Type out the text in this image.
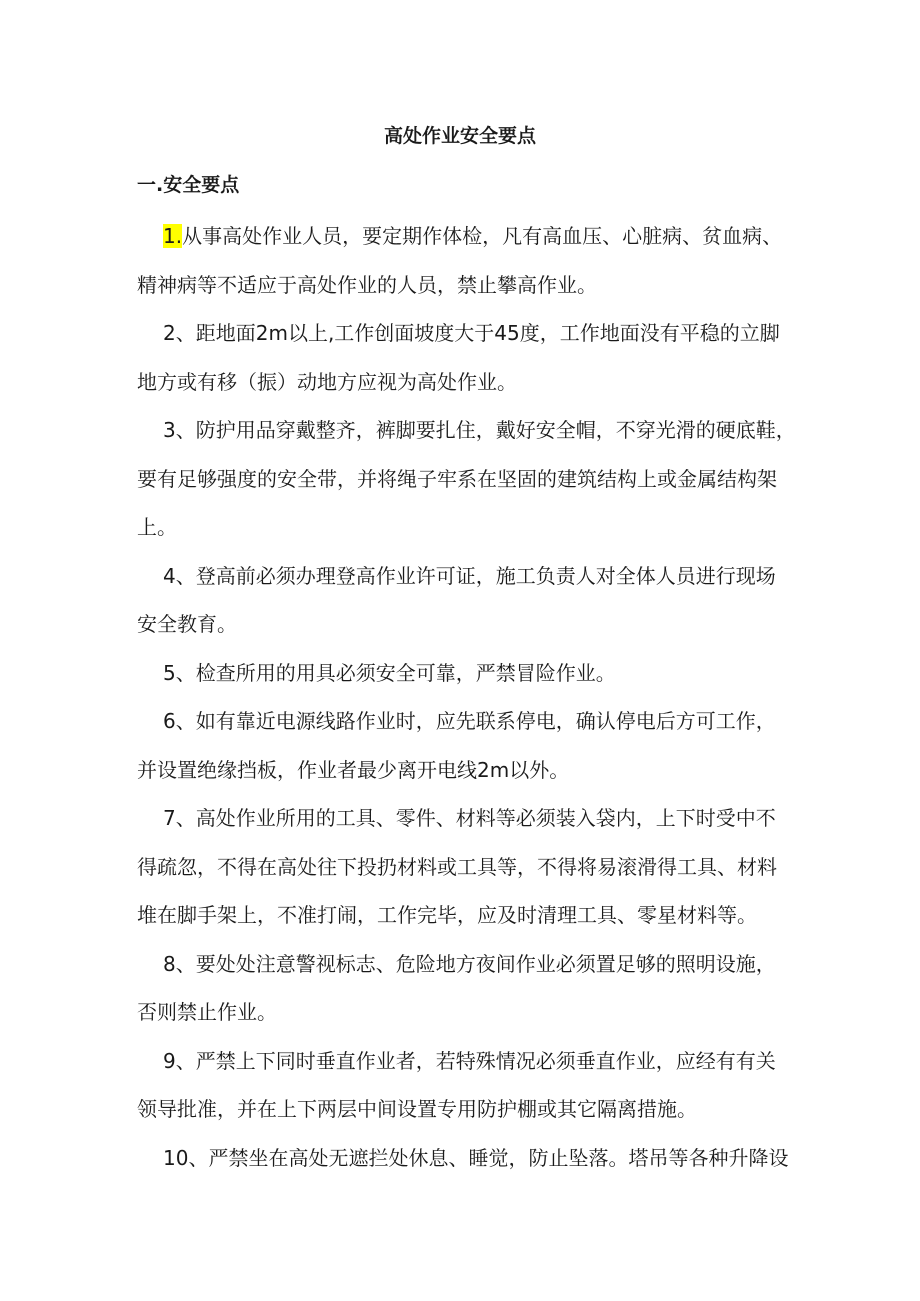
高处作业安全要点
一.安全要点
1.从事高处作业人员，要定期作体检，凡有高血压、心脏病、贫血病、
精神病等不适应于高处作业的人员，禁止攀高作业。
2、距地面2m以上,工作创面坡度大于45度，工作地面没有平稳的立脚
地方或有移（振）动地方应视为高处作业。
3、防护用品穿戴整齐，裤脚要扎住，戴好安全帽，不穿光滑的硬底鞋，
要有足够强度的安全带，并将绳子牢系在坚固的建筑结构上或金属结构架
上。
4、登高前必须办理登高作业许可证，施工负责人对全体人员进行现场
安全教育。
5、检查所用的用具必须安全可靠，严禁冒险作业。
6、如有靠近电源线路作业时，应先联系停电，确认停电后方可工作，
并设置绝缘挡板，作业者最少离开电线2m以外。
7、高处作业所用的工具、零件、材料等必须装入袋内，上下时受中不
得疏忽，不得在高处往下投扔材料或工具等，不得将易滚滑得工具、材料
堆在脚手架上，不准打闹，工作完毕，应及时清理工具、零星材料等。
8、要处处注意警视标志、危险地方夜间作业必须置足够的照明设施，
否则禁止作业。
9、严禁上下同时垂直作业者，若特殊情况必须垂直作业，应经有有关
领导批准，并在上下两层中间设置专用防护棚或其它隔离措施。
10、严禁坐在高处无遮拦处休息、睡觉，防止坠落。塔吊等各种升降设
